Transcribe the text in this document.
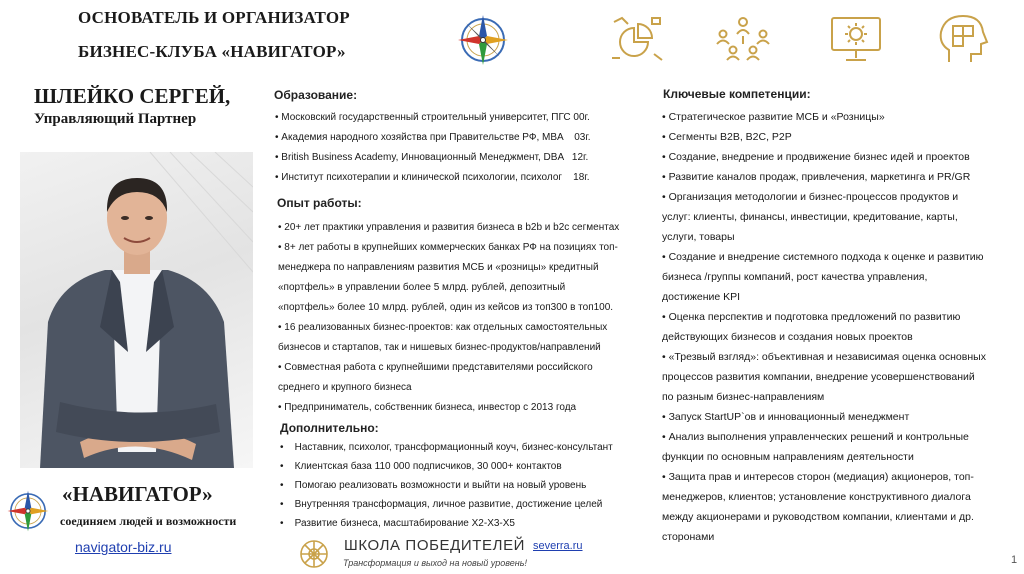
ОСНОВАТЕЛЬ И ОРГАНИЗАТОР
БИЗНЕС-КЛУБА «НАВИГАТОР»
ШЛЕЙКО СЕРГЕЙ,
Управляющий Партнер
«НАВИГАТОР»
соединяем людей и возможности
navigator-biz.ru
Образование:
• Московский государственный строительный университет, ПГС 00г.
• Академия народного хозяйства при Правительстве РФ, MBA 03г.
• British Business Academy, Инновационный Менеджмент, DBA 12г.
• Институт психотерапии и клинической психологии, психолог 18г.
Опыт работы:
• 20+ лет практики управления и развития бизнеса в b2b и b2c сегментах
• 8+ лет работы в крупнейших коммерческих банках РФ на позициях топ-
менеджера по направлениям развития МСБ и «розницы» кредитный
«портфель» в управлении более 5 млрд. рублей, депозитный
«портфель» более 10 млрд. рублей, один из кейсов из топ300 в топ100.
• 16 реализованных бизнес-проектов: как отдельных самостоятельных
бизнесов и стартапов, так и нишевых бизнес-продуктов/направлений
• Совместная работа с крупнейшими представителями российского
среднего и крупного бизнеса
• Предприниматель, собственник бизнеса, инвестор с 2013 года
Дополнительно:
•    Наставник, психолог, трансформационный коуч, бизнес-консультант
•    Клиентская база 110 000 подписчиков, 30 000+ контактов
•    Помогаю реализовать возможности и выйти на новый уровень
•    Внутренняя трансформация, личное развитие, достижение целей
•    Развитие бизнеса, масштабирование Х2-Х3-Х5
ШКОЛА ПОБЕДИТЕЛЕЙ
Трансформация и выход на новый уровень!
severra.ru
Ключевые компетенции:
• Стратегическое развитие МСБ и «Розницы»
• Сегменты B2B, B2C, P2P
• Создание, внедрение и продвижение бизнес идей и проектов
• Развитие каналов продаж, привлечения, маркетинга и PR/GR
• Организация методологии и бизнес-процессов продуктов и
услуг: клиенты, финансы, инвестиции, кредитование, карты,
услуги, товары
• Создание и внедрение системного подхода к оценке и развитию
бизнеса /группы компаний, рост качества управления,
достижение KPI
• Оценка перспектив и подготовка предложений по развитию
действующих бизнесов и создания новых проектов
• «Трезвый взгляд»: объективная и независимая оценка основных
процессов развития компании, внедрение усовершенствований
по разным бизнес-направлениям
• Запуск StartUP`ов и инновационный менеджмент
• Анализ выполнения управленческих решений и контрольные
функции по основным направлениям деятельности
• Защита прав и интересов сторон (медиация) акционеров, топ-
менеджеров, клиентов; установление конструктивного диалога
между акционерами и руководством компании, клиентами и др.
сторонами
1
